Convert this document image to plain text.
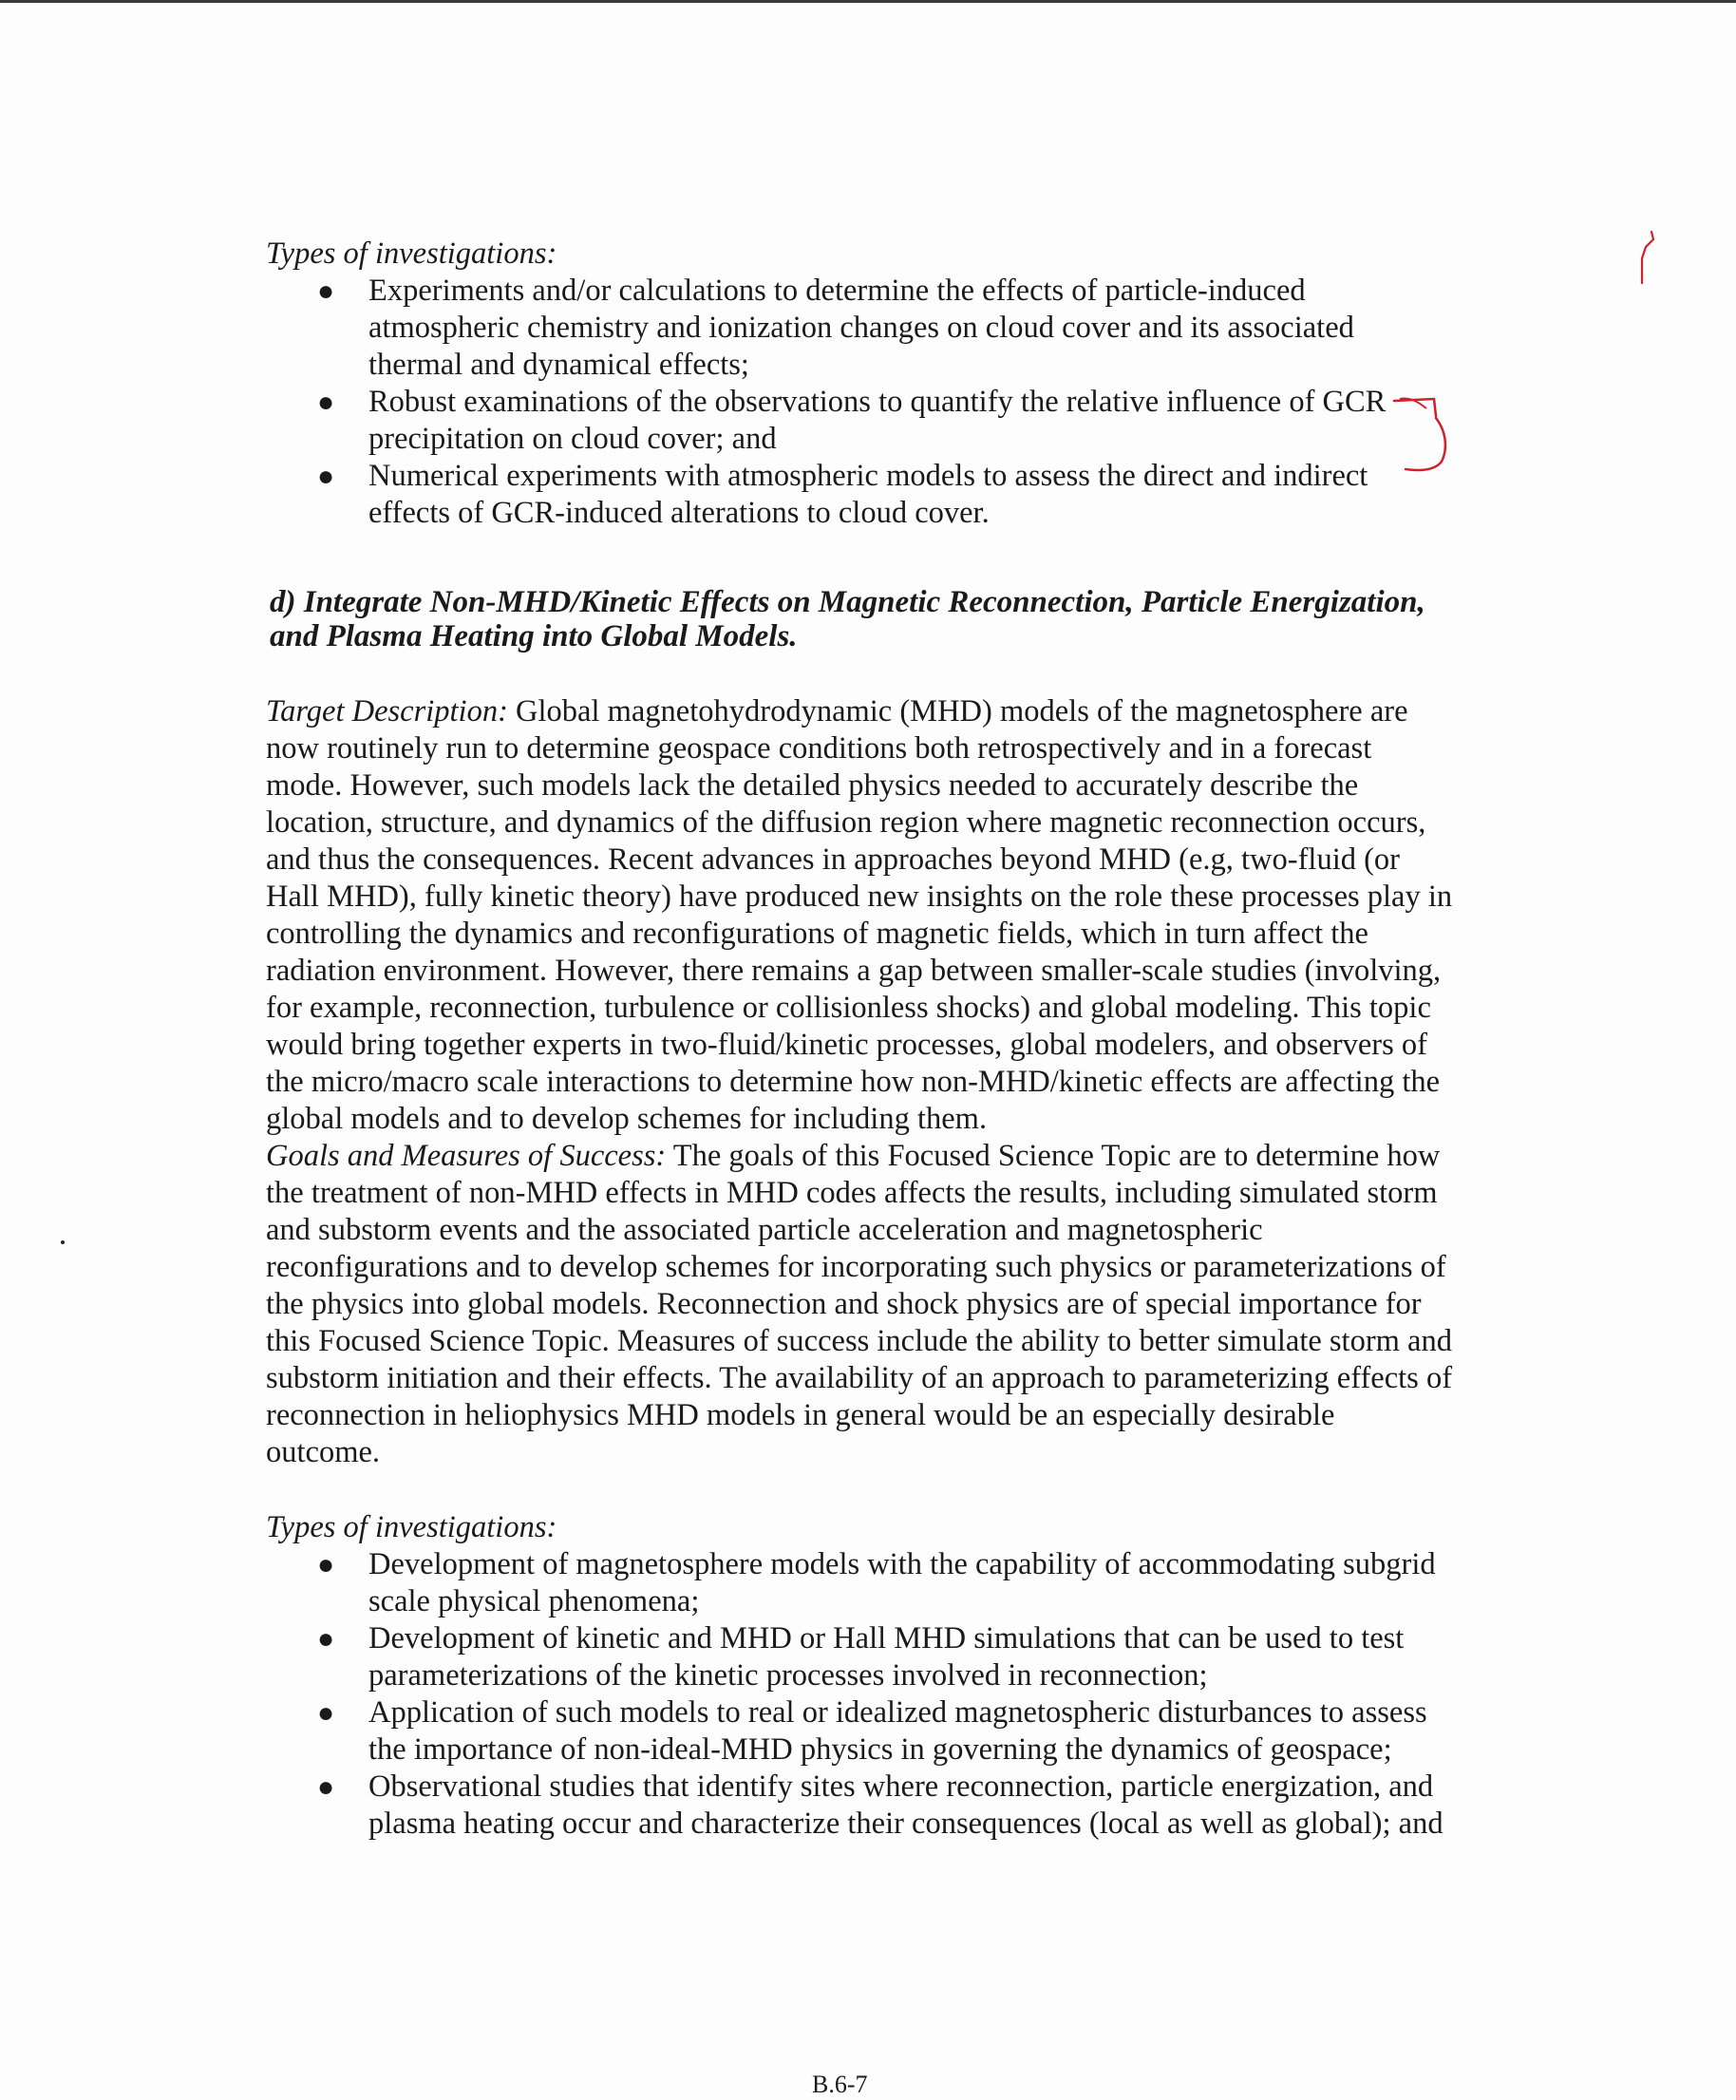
Types of investigations:
● Experiments and/or calculations to determine the effects of particle-induced atmospheric chemistry and ionization changes on cloud cover and its associated thermal and dynamical effects;
● Robust examinations of the observations to quantify the relative influence of GCR precipitation on cloud cover; and
● Numerical experiments with atmospheric models to assess the direct and indirect effects of GCR-induced alterations to cloud cover.
d) Integrate Non-MHD/Kinetic Effects on Magnetic Reconnection, Particle Energization, and Plasma Heating into Global Models.

Target Description: Global magnetohydrodynamic (MHD) models of the magnetosphere are now routinely run to determine geospace conditions both retrospectively and in a forecast mode. However, such models lack the detailed physics needed to accurately describe the location, structure, and dynamics of the diffusion region where magnetic reconnection occurs, and thus the consequences. Recent advances in approaches beyond MHD (e.g, two-fluid (or Hall MHD), fully kinetic theory) have produced new insights on the role these processes play in controlling the dynamics and reconfigurations of magnetic fields, which in turn affect the radiation environment. However, there remains a gap between smaller-scale studies (involving, for example, reconnection, turbulence or collisionless shocks) and global modeling. This topic would bring together experts in two-fluid/kinetic processes, global modelers, and observers of the micro/macro scale interactions to determine how non-MHD/kinetic effects are affecting the global models and to develop schemes for including them.

Goals and Measures of Success: The goals of this Focused Science Topic are to determine how the treatment of non-MHD effects in MHD codes affects the results, including simulated storm and substorm events and the associated particle acceleration and magnetospheric reconfigurations and to develop schemes for incorporating such physics or parameterizations of the physics into global models. Reconnection and shock physics are of special importance for this Focused Science Topic. Measures of success include the ability to better simulate storm and substorm initiation and their effects. The availability of an approach to parameterizing effects of reconnection in heliophysics MHD models in general would be an especially desirable outcome.

Types of investigations:
● Development of magnetosphere models with the capability of accommodating subgrid scale physical phenomena;
● Development of kinetic and MHD or Hall MHD simulations that can be used to test parameterizations of the kinetic processes involved in reconnection;
● Application of such models to real or idealized magnetospheric disturbances to assess the importance of non-ideal-MHD physics in governing the dynamics of geospace;
● Observational studies that identify sites where reconnection, particle energization, and plasma heating occur and characterize their consequences (local as well as global); and
B.6-7
